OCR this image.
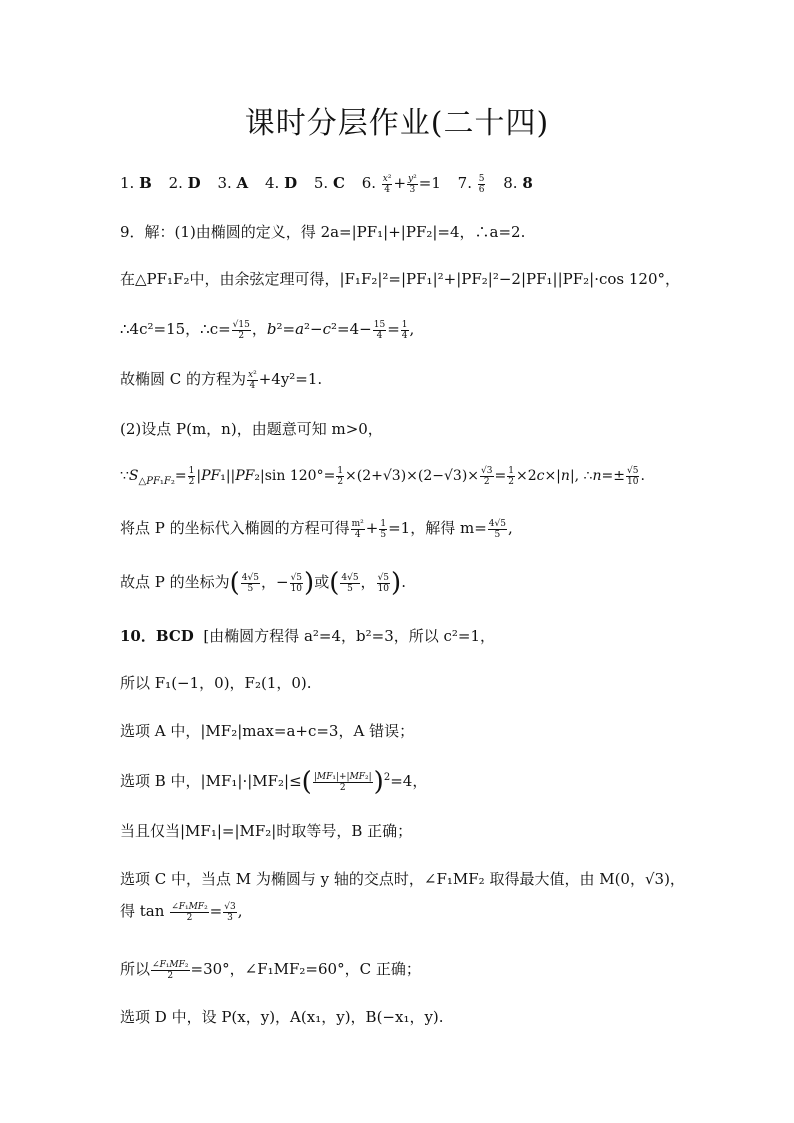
课时分层作业(二十四)
1. B 2. D 3. A 4. D 5. C 6. $\frac{\text{x²}}{4} + \frac{\text{y²}}{3} =1$ 7. $\frac{5}{6} 8$. 8
9．解：(1)由椭圆的定义，得 2a=|PF₁|+|PF₂|=4，∴a=2.
在△PF₁F₂中，由余弦定理可得，|F₁F₂|²=|PF₁|²+|PF₂|²−2|PF₁||PF₂|·cos 120°，
∴4c²=15，∴c= $\frac{√15}{2}$ ，$b^2=a^2-c^2=4- \frac{15}{4} = \frac{1}{4}$ ,
故椭圆 C 的方程为 $\frac{\text{x²}}{4} +4y^2=1$.
(2)设点 P(m，n)，由题意可知 m>0，
$\because S_{\triangle PF_1F_2}= \frac{1}{2} |PF_1||PF_2|\sin$ $120^\circ= \frac{1}{2} \times(2+√3)\times(2-√3)\times \frac{√3}{2} = \frac{1}{2} \times 2c\times|n|$, ∴n=± $\frac{√5}{10}$ .
将点 P 的坐标代入椭圆的方程可得 $\frac{\text{m²}}{4} + \frac{1}{5} =1$，解得 $m= \frac{4√5}{5}$ ,
故点 P 的坐标为( $\frac{4√5}{5}$ ，− $\frac{√5}{10}$ )或( $\frac{4√5}{5}$ ， $\frac{√5}{10}$ ).
10．BCD [由椭圆方程得 a²=4，b²=3，所以 c²=1，
所以 F₁(−1，0)，F₂(1，0).
选项 A 中，|MF₂|max=a+c=3，A 错误；
选项 B 中，$|MF_1|\cdot|MF_2|\le( \frac{\text{|MF₁|+|MF₂|}}{2} )^2=4$，
当且仅当|MF₁|=|MF₂|时取等号，B 正确；
选项 C 中，当点 M 为椭圆与 y 轴的交点时，∠F₁MF₂ 取得最大值，由 M(0，√3)，
得 $\tan \frac{\text{∠F₁MF₂}}{2} = \frac{√3}{3}$ ,
所以 $\frac{\text{∠F₁MF₂}}{2} =30^\circ$，∠F₁MF₂=60°，C 正确；
选项 D 中，设 P(x，y)，A(x₁，y)，B(−x₁，y).
